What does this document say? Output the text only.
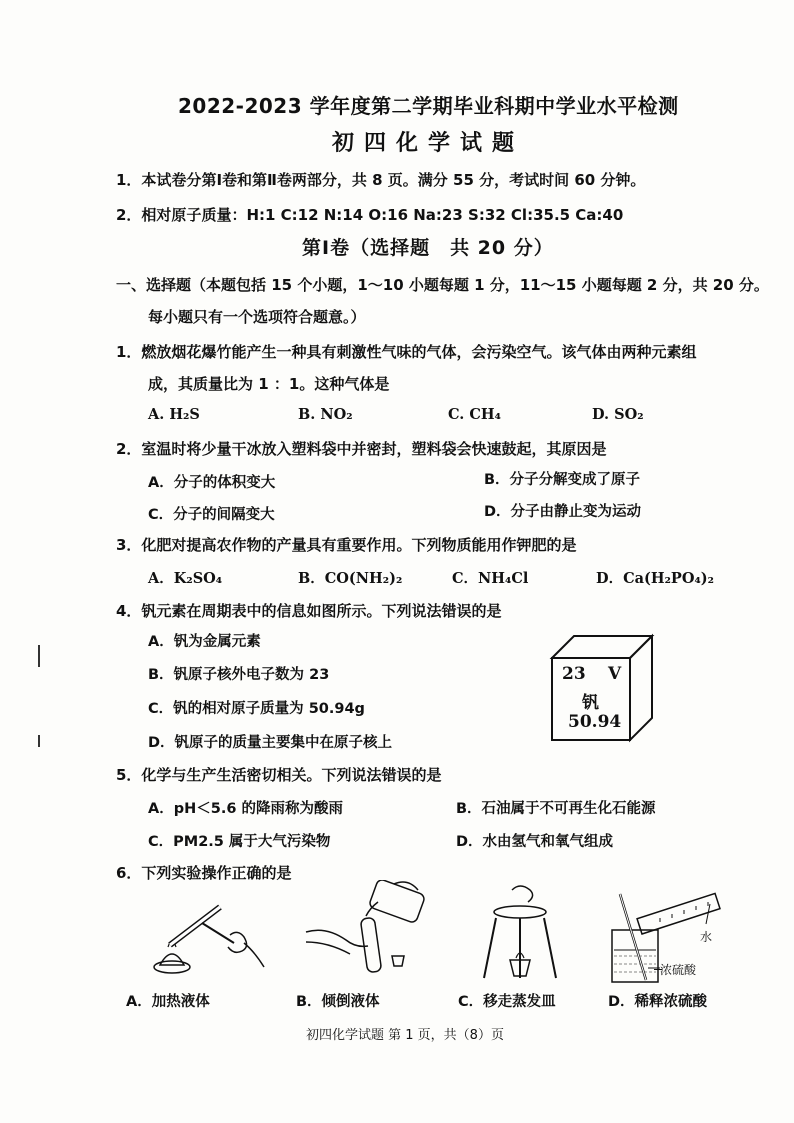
2022-2023 学年度第二学期毕业科期中学业水平检测
初四化学试题
1．本试卷分第Ⅰ卷和第Ⅱ卷两部分，共 8 页。满分 55 分，考试时间 60 分钟。
2．相对原子质量：H:1 C:12 N:14 O:16 Na:23 S:32 Cl:35.5 Ca:40
第Ⅰ卷（选择题　共 20 分）
一、选择题（本题包括 15 个小题，1～10 小题每题 1 分，11～15 小题每题 2 分，共 20 分。
每小题只有一个选项符合题意。）
1．燃放烟花爆竹能产生一种具有刺激性气味的气体，会污染空气。该气体由两种元素组
成，其质量比为 1 ：1。这种气体是
A. H₂S	B. NO₂	C. CH₄	D. SO₂
2．室温时将少量干冰放入塑料袋中并密封，塑料袋会快速鼓起，其原因是
A．分子的体积变大	B．分子分解变成了原子
C．分子的间隔变大	D．分子由静止变为运动
3．化肥对提高农作物的产量具有重要作用。下列物质能用作钾肥的是
A．K₂SO₄	B．CO(NH₂)₂	C．NH₄Cl	D．Ca(H₂PO₄)₂
4．钒元素在周期表中的信息如图所示。下列说法错误的是
A．钒为金属元素
B．钒原子核外电子数为 23
C．钒的相对原子质量为 50.94g
D．钒原子的质量主要集中在原子核上
23 V
钒
50.94
5．化学与生产生活密切相关。下列说法错误的是
A．pH＜5.6 的降雨称为酸雨	B．石油属于不可再生化石能源
C．PM2.5 属于大气污染物	D．水由氢气和氧气组成
6．下列实验操作正确的是
A．加热液体	B．倾倒液体	C．移走蒸发皿
水
浓硫酸
D．稀释浓硫酸
初四化学试题 第 1 页，共（8）页
